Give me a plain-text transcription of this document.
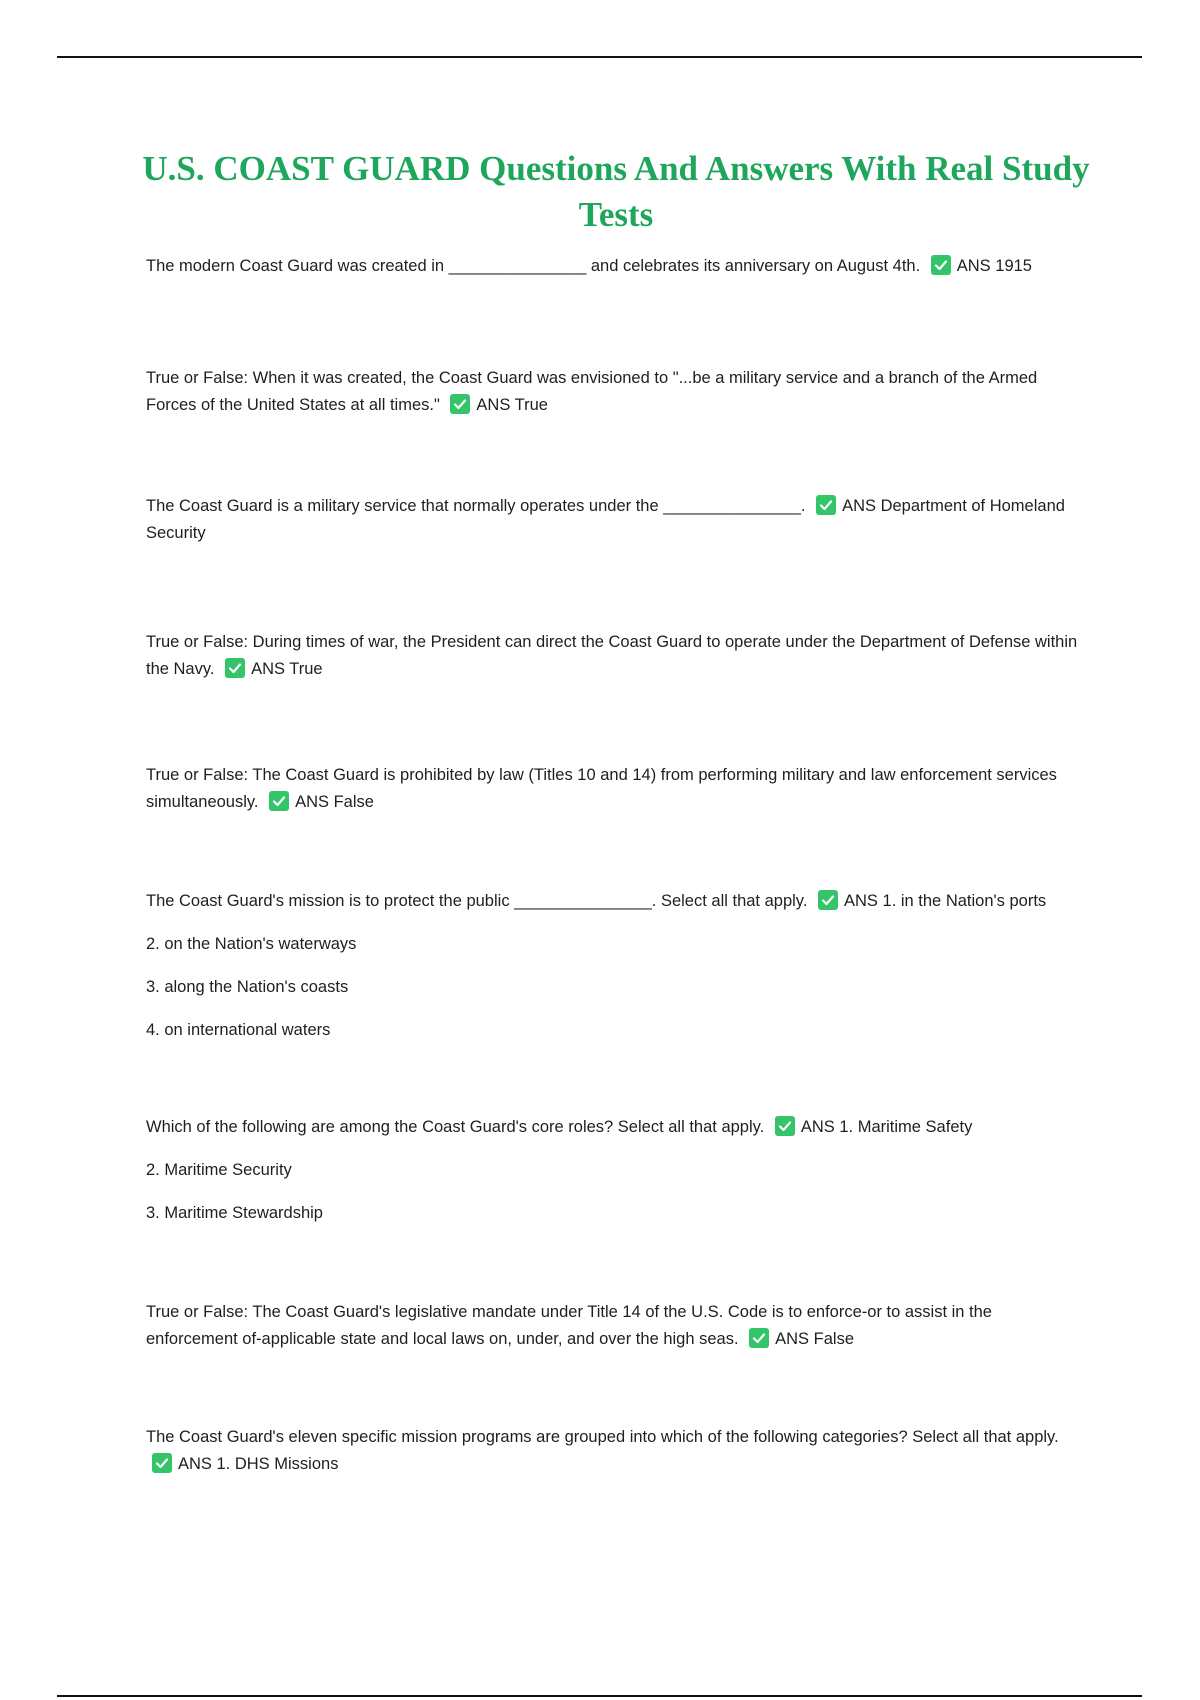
U.S. COAST GUARD Questions And Answers With Real Study Tests

The modern Coast Guard was created in _______________ and celebrates its anniversary on August 4th. ANS 1915

True or False: When it was created, the Coast Guard was envisioned to "...be a military service and a branch of the Armed Forces of the United States at all times." ANS True

The Coast Guard is a military service that normally operates under the _______________. ANS Department of Homeland Security

True or False: During times of war, the President can direct the Coast Guard to operate under the Department of Defense within the Navy. ANS True

True or False: The Coast Guard is prohibited by law (Titles 10 and 14) from performing military and law enforcement services simultaneously. ANS False

The Coast Guard's mission is to protect the public _______________. Select all that apply. ANS 1. in the Nation's ports

2. on the Nation's waterways

3. along the Nation's coasts

4. on international waters

Which of the following are among the Coast Guard's core roles? Select all that apply. ANS 1. Maritime Safety

2. Maritime Security

3. Maritime Stewardship

True or False: The Coast Guard's legislative mandate under Title 14 of the U.S. Code is to enforce-or to assist in the enforcement of-applicable state and local laws on, under, and over the high seas. ANS False

The Coast Guard's eleven specific mission programs are grouped into which of the following categories? Select all that apply.
ANS 1. DHS Missions
